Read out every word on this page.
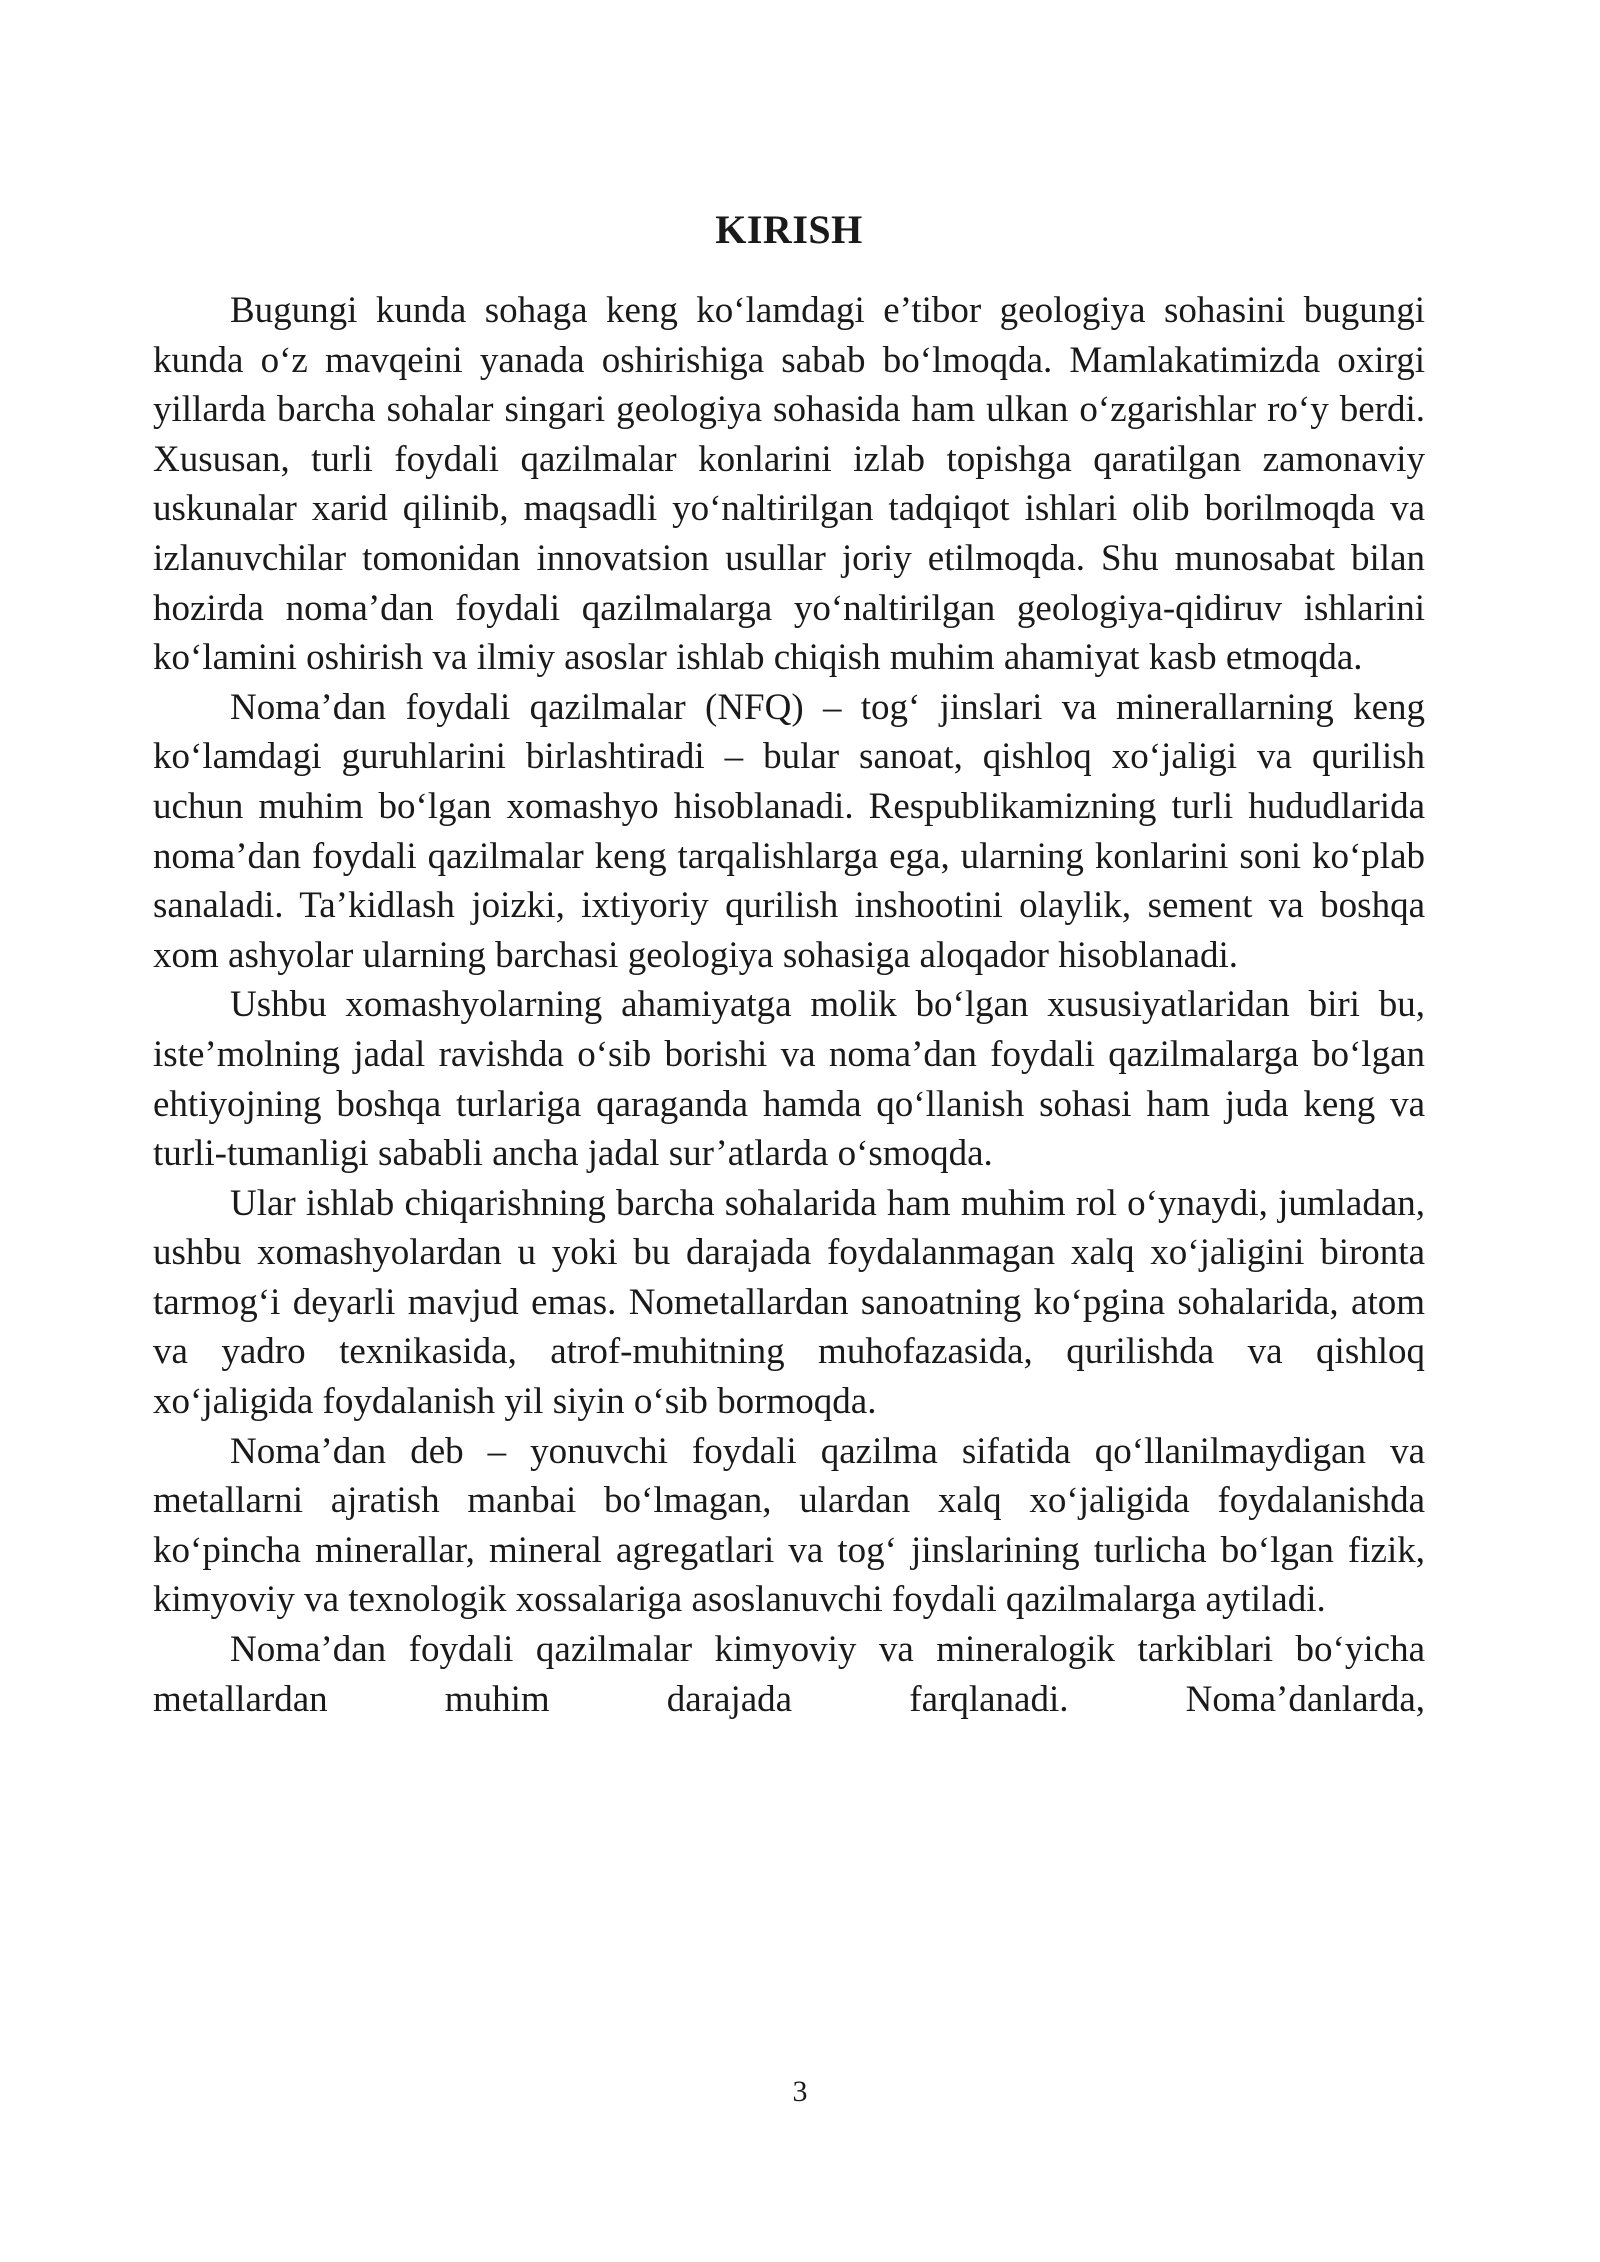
KIRISH

Bugungi kunda sohaga keng ko‘lamdagi e’tibor geologiya sohasini bugungi kunda o‘z mavqeini yanada oshirishiga sabab bo‘lmoqda. Mamlakatimizda oxirgi yillarda barcha sohalar singari geologiya sohasida ham ulkan o‘zgarishlar ro‘y berdi. Xususan, turli foydali qazilmalar konlarini izlab topishga qaratilgan zamonaviy uskunalar xarid qilinib, maqsadli yo‘naltirilgan tadqiqot ishlari olib borilmoqda va izlanuvchilar tomonidan innovatsion usullar joriy etilmoqda. Shu munosabat bilan hozirda noma’dan foydali qazilmalarga yo‘naltirilgan geologiya-qidiruv ishlarini ko‘lamini oshirish va ilmiy asoslar ishlab chiqish muhim ahamiyat kasb etmoqda.

Noma’dan foydali qazilmalar (NFQ) – tog‘ jinslari va minerallarning keng ko‘lamdagi guruhlarini birlashtiradi – bular sanoat, qishloq xo‘jaligi va qurilish uchun muhim bo‘lgan xomashyo hisoblanadi. Respublikamizning turli hududlarida noma’dan foydali qazilmalar keng tarqalishlarga ega, ularning konlarini soni ko‘plab sanaladi. Ta’kidlash joizki, ixtiyoriy qurilish inshootini olaylik, sement va boshqa xom ashyolar ularning barchasi geologiya sohasiga aloqador hisoblanadi.

Ushbu xomashyolarning ahamiyatga molik bo‘lgan xususiyatlaridan biri bu, iste’molning jadal ravishda o‘sib borishi va noma’dan foydali qazilmalarga bo‘lgan ehtiyojning boshqa turlariga qaraganda hamda qo‘llanish sohasi ham juda keng va turli-tumanligi sababli ancha jadal sur’atlarda o‘smoqda.

Ular ishlab chiqarishning barcha sohalarida ham muhim rol o‘ynaydi, jumladan, ushbu xomashyolardan u yoki bu darajada foydalanmagan xalq xo‘jaligini bironta tarmog‘i deyarli mavjud emas. Nometallardan sanoatning ko‘pgina sohalarida, atom va yadro texnikasida, atrof-muhitning muhofazasida, qurilishda va qishloq xo‘jaligida foydalanish yil siyin o‘sib bormoqda.

Noma’dan deb – yonuvchi foydali qazilma sifatida qo‘llanilmaydigan va metallarni ajratish manbai bo‘lmagan, ulardan xalq xo‘jaligida foydalanishda ko‘pincha minerallar, mineral agregatlari va tog‘ jinslarining turlicha bo‘lgan fizik, kimyoviy va texnologik xossalariga asoslanuvchi foydali qazilmalarga aytiladi.

Noma’dan foydali qazilmalar kimyoviy va mineralogik tarkiblari bo‘yicha metallardan muhim darajada farqlanadi. Noma’danlarda,

3
